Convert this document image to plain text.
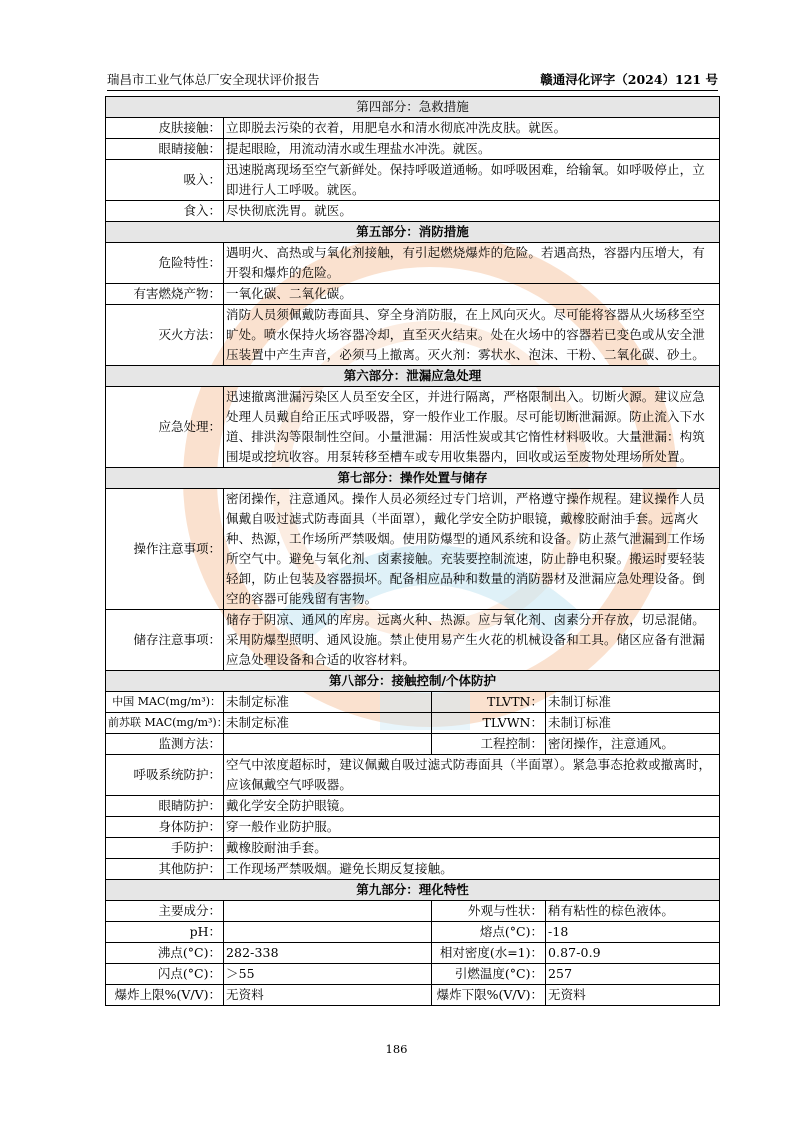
瑞昌市工业气体总厂安全现状评价报告	赣通浔化评字（2024）121 号
第四部分：急救措施			
皮肤接触：	立即脱去污染的衣着，用肥皂水和清水彻底冲洗皮肤。就医。		
眼睛接触：	提起眼睑，用流动清水或生理盐水冲洗。就医。		
吸入：	迅速脱离现场至空气新鲜处。保持呼吸道通畅。如呼吸困难，给输氧。如呼吸停止，立即进行人工呼吸。就医。		
食入：	尽快彻底洗胃。就医。		
第五部分：消防措施			
危险特性：	遇明火、高热或与氧化剂接触，有引起燃烧爆炸的危险。若遇高热，容器内压增大，有开裂和爆炸的危险。		
有害燃烧产物：	一氧化碳、二氧化碳。		
灭火方法：	消防人员须佩戴防毒面具、穿全身消防服，在上风向灭火。尽可能将容器从火场移至空旷处。喷水保持火场容器冷却，直至灭火结束。处在火场中的容器若已变色或从安全泄压装置中产生声音，必须马上撤离。灭火剂：雾状水、泡沫、干粉、二氧化碳、砂土。		
第六部分：泄漏应急处理			
应急处理：	迅速撤离泄漏污染区人员至安全区，并进行隔离，严格限制出入。切断火源。建议应急处理人员戴自给正压式呼吸器，穿一般作业工作服。尽可能切断泄漏源。防止流入下水道、排洪沟等限制性空间。小量泄漏：用活性炭或其它惰性材料吸收。大量泄漏：构筑围堤或挖坑收容。用泵转移至槽车或专用收集器内，回收或运至废物处理场所处置。		
第七部分：操作处置与储存			
操作注意事项：	密闭操作，注意通风。操作人员必须经过专门培训，严格遵守操作规程。建议操作人员佩戴自吸过滤式防毒面具（半面罩），戴化学安全防护眼镜，戴橡胶耐油手套。远离火种、热源，工作场所严禁吸烟。使用防爆型的通风系统和设备。防止蒸气泄漏到工作场所空气中。避免与氧化剂、卤素接触。充装要控制流速，防止静电积聚。搬运时要轻装轻卸，防止包装及容器损坏。配备相应品种和数量的消防器材及泄漏应急处理设备。倒空的容器可能残留有害物。		
储存注意事项：	储存于阴凉、通风的库房。远离火种、热源。应与氧化剂、卤素分开存放，切忌混储。采用防爆型照明、通风设施。禁止使用易产生火花的机械设备和工具。储区应备有泄漏应急处理设备和合适的收容材料。		
第八部分：接触控制/个体防护			
中国 MAC(mg/m³)：	未制定标准	TLVTN：	未制订标准
前苏联 MAC(mg/m³)：	未制定标准	TLVWN：	未制订标准
监测方法：		工程控制：	密闭操作，注意通风。
呼吸系统防护：	空气中浓度超标时，建议佩戴自吸过滤式防毒面具（半面罩）。紧急事态抢救或撤离时，应该佩戴空气呼吸器。		
眼睛防护：	戴化学安全防护眼镜。		
身体防护：	穿一般作业防护服。		
手防护：	戴橡胶耐油手套。		
其他防护：	工作现场严禁吸烟。避免长期反复接触。		
第九部分：理化特性			
主要成分：		外观与性状：	稍有粘性的棕色液体。
pH：		熔点(°C)：	-18
沸点(°C)：	282-338	相对密度(水=1)：	0.87-0.9
闪点(°C)：	＞55	引燃温度(°C)：	257
爆炸上限%(V/V)：	无资料	爆炸下限%(V/V)：	无资料
186
